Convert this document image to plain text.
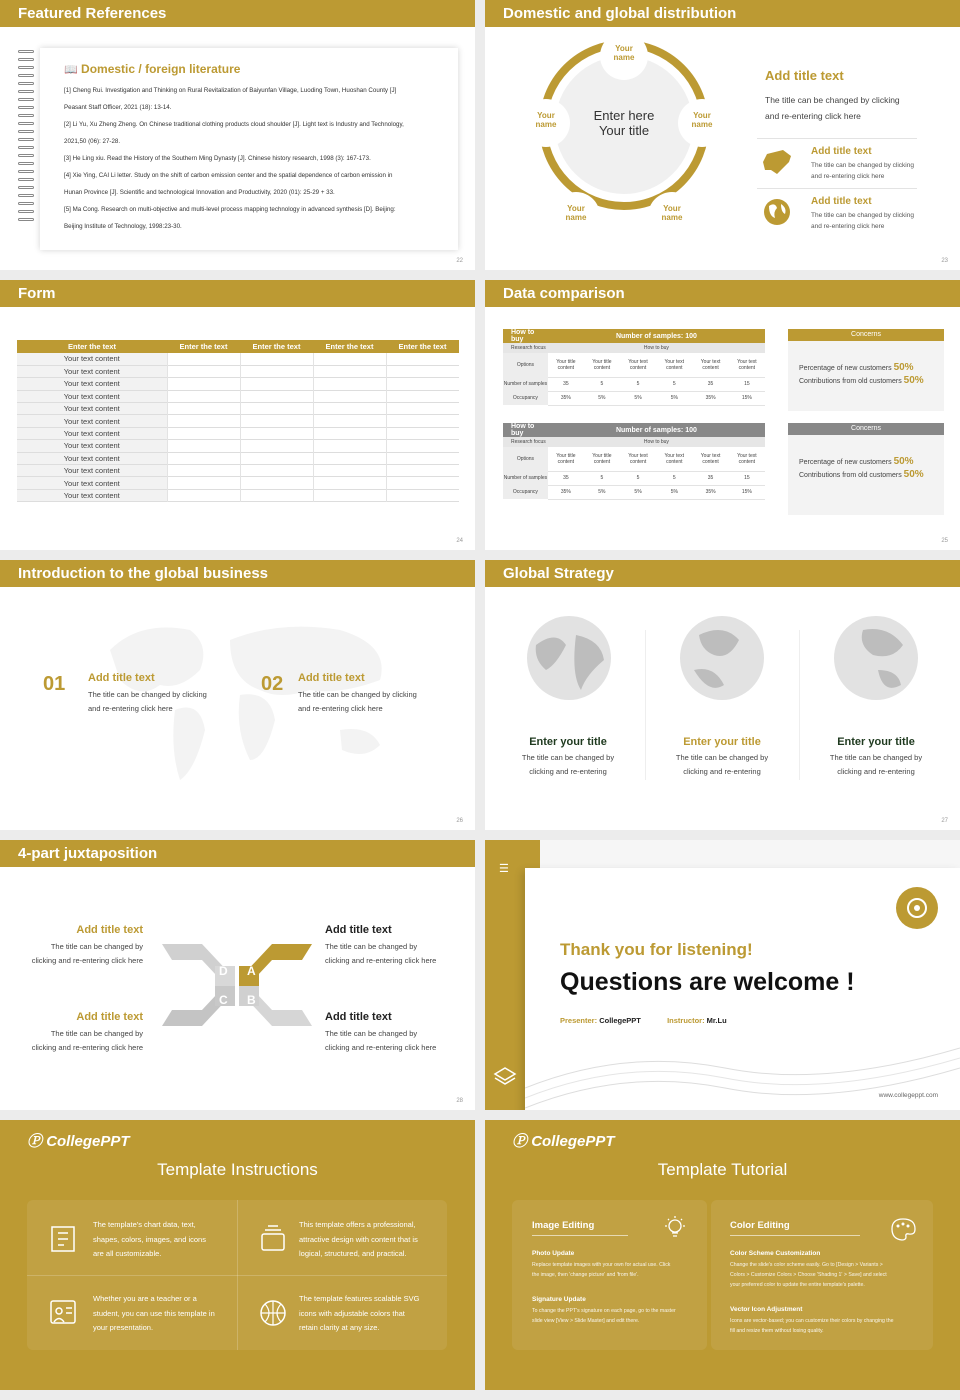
Featured References
📖 Domestic / foreign literature

[1] Cheng Rui. Investigation and Thinking on Rural Revitalization of Baiyunfan Village, Luoding Town, Huoshan County [J]

Peasant Staff Officer, 2021 (18): 13-14.

[2] Li Yu, Xu Zheng Zheng. On Chinese traditional clothing products cloud shoulder [J]. Light text is Industry and Technology,

2021,50 (06): 27-28.

[3] He Ling xiu. Read the History of the Southern Ming Dynasty [J]. Chinese history research, 1998 (3): 167-173.

[4] Xie Ying, CAI Li letter. Study on the shift of carbon emission center and the spatial dependence of carbon emission in

Hunan Province [J]. Scientific and technological Innovation and Productivity, 2020 (01): 25-29 + 33.

[5] Ma Cong. Research on multi-objective and multi-level process mapping technology in advanced synthesis [D]. Beijing:

Beijing Institute of Technology, 1998:23-30.

22
Domestic and global distribution
Enter here
Your title
Your
name
Your
name
Your
name
Your
name
Your
name
Add title text
The title can be changed by clicking
and re-entering click here
Add title text
The title can be changed by clicking
and re-entering click here
Add title text
The title can be changed by clicking
and re-entering click here
23
Form
Enter the text	Enter the text	Enter the text	Enter the text	Enter the text
Your text content				
Your text content				
Your text content				
Your text content				
Your text content				
Your text content				
Your text content				
Your text content				
Your text content				
Your text content				
Your text content				
Your text content				
24
Data comparison
How to buy	Number of samples: 100					
Research focus	How to buy					
Options	Your title content	Your title content	Your text content	Your text content	Your text content	Your text content
Number of samples	35	5	5	5	35	15
Occupancy	35%	5%	5%	5%	35%	15%
How to buy	Number of samples: 100					
Research focus	How to buy					
Options	Your title content	Your title content	Your text content	Your text content	Your text content	Your text content
Number of samples	35	5	5	5	35	15
Occupancy	35%	5%	5%	5%	35%	15%
Concerns
Percentage of new customers 50%
Contributions from old customers 50%
Concerns
Percentage of new customers 50%
Contributions from old customers 50%
25
Introduction to the global business
01 Add title text
The title can be changed by clicking
and re-entering click here
02 Add title text
The title can be changed by clicking
and re-entering click here
26
Global Strategy
Enter your title
The title can be changed by
clicking and re-entering
Enter your title
The title can be changed by
clicking and re-entering
Enter your title
The title can be changed by
clicking and re-entering
27
4-part juxtaposition
Add title text
The title can be changed by
clicking and re-entering click here
Add title text
The title can be changed by
clicking and re-entering click here
Add title text
The title can be changed by
clicking and re-entering click here
Add title text
The title can be changed by
clicking and re-entering click here
D A
C B
28
☰
Thank you for listening!
Questions are welcome !
Presenter: CollegePPT	Instructor: Mr.Lu
www.collegeppt.com
Ⓟ CollegePPT
Template Instructions
The template's chart data, text,
shapes, colors, images, and icons
are all customizable.
This template offers a professional,
attractive design with content that is
logical, structured, and practical.
Whether you are a teacher or a
student, you can use this template in
your presentation.
The template features scalable SVG
icons with adjustable colors that
retain clarity at any size.
Ⓟ CollegePPT
Template Tutorial
Image Editing
Photo Update
Replace template images with your own for actual use. Click
the image, then 'change picture' and 'from file'.
Signature Update
To change the PPT's signature on each page, go to the master
slide view [View > Slide Master] and edit there.
Color Editing
Color Scheme Customization
Change the slide's color scheme easily. Go to [Design > Variants >
Colors > Customize Colors > Choose 'Shading 1' > Save] and select
your preferred color to update the entire template's palette.
Vector Icon Adjustment
Icons are vector-based; you can customize their colors by changing the
fill and resize them without losing quality.
